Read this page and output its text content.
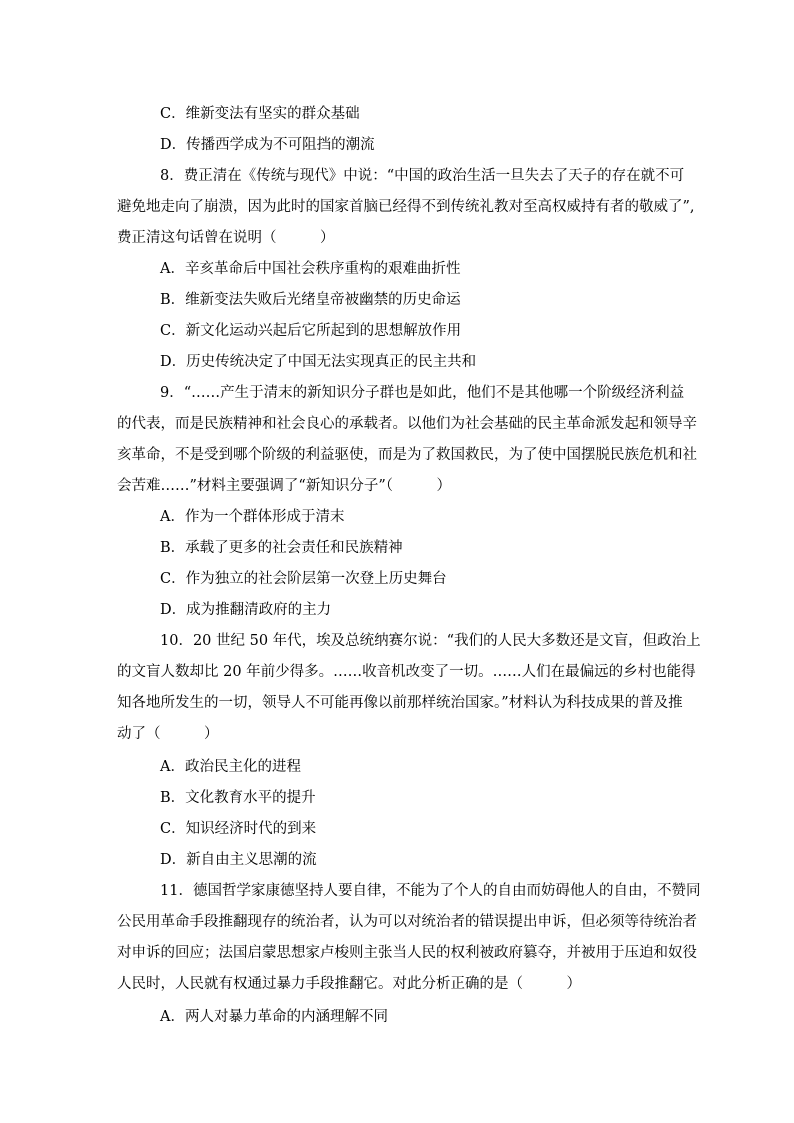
C．维新变法有坚实的群众基础
D．传播西学成为不可阻挡的潮流
8．费正清在《传统与现代》中说：“中国的政治生活一旦失去了天子的存在就不可
避免地走向了崩溃，因为此时的国家首脑已经得不到传统礼教对至高权威持有者的敬威了”,
费正清这句话曾在说明（　　　）
A．辛亥革命后中国社会秩序重构的艰难曲折性
B．维新变法失败后光绪皇帝被幽禁的历史命运
C．新文化运动兴起后它所起到的思想解放作用
D．历史传统决定了中国无法实现真正的民主共和
9．“……产生于清末的新知识分子群也是如此，他们不是其他哪一个阶级经济利益
的代表，而是民族精神和社会良心的承载者。以他们为社会基础的民主革命派发起和领导辛
亥革命，不是受到哪个阶级的利益驱使，而是为了救国救民，为了使中国摆脱民族危机和社
会苦难……”材料主要强调了“新知识分子”（　　　）
A．作为一个群体形成于清末
B．承载了更多的社会责任和民族精神
C．作为独立的社会阶层第一次登上历史舞台
D．成为推翻清政府的主力
10．20 世纪 50 年代，埃及总统纳赛尔说：“我们的人民大多数还是文盲，但政治上
的文盲人数却比 20 年前少得多。……收音机改变了一切。……人们在最偏远的乡村也能得
知各地所发生的一切，领导人不可能再像以前那样统治国家。”材料认为科技成果的普及推
动了（　　　）
A．政治民主化的进程
B．文化教育水平的提升
C．知识经济时代的到来
D．新自由主义思潮的流
11．德国哲学家康德坚持人要自律，不能为了个人的自由而妨碍他人的自由，不赞同
公民用革命手段推翻现存的统治者，认为可以对统治者的错误提出申诉，但必须等待统治者
对申诉的回应；法国启蒙思想家卢梭则主张当人民的权利被政府篡夺，并被用于压迫和奴役
人民时，人民就有权通过暴力手段推翻它。对此分析正确的是（　　　）
A．两人对暴力革命的内涵理解不同
